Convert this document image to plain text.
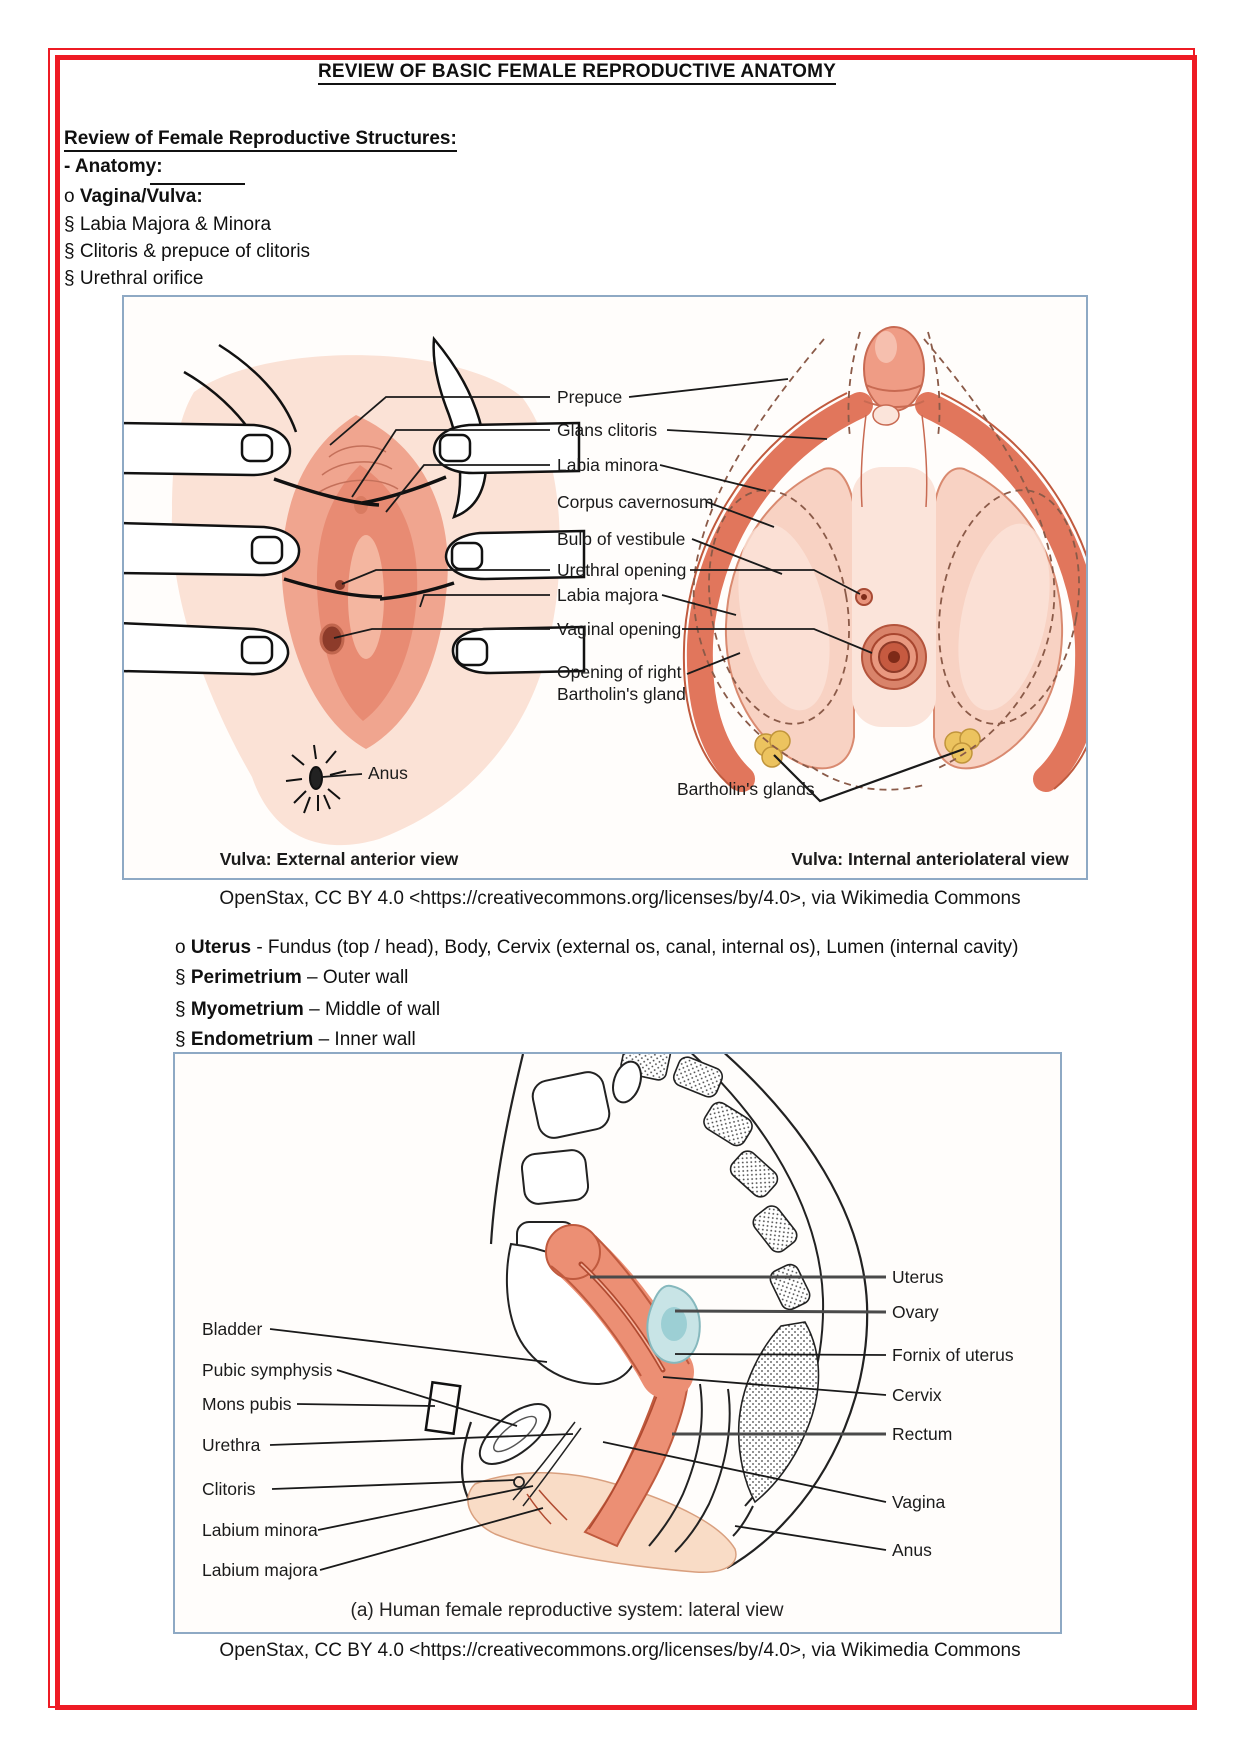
REVIEW OF BASIC FEMALE REPRODUCTIVE ANATOMY
Review of Female Reproductive Structures:
- Anatomy:
o Vagina/Vulva:
§ Labia Majora & Minora
§ Clitoris & prepuce of clitoris
§ Urethral orifice
Prepuce
Glans clitoris
Labia minora
Corpus cavernosum
Bulb of vestibule
Urethral opening
Labia majora
Vaginal opening
Opening of right
Bartholin's gland
Anus
Bartholin's glands
Vulva: External anterior view	Vulva: Internal anteriolateral view
OpenStax, CC BY 4.0 <https://creativecommons.org/licenses/by/4.0>, via Wikimedia Commons
o Uterus - Fundus (top / head), Body, Cervix (external os, canal, internal os), Lumen (internal cavity)
§ Perimetrium – Outer wall
§ Myometrium – Middle of wall
§ Endometrium – Inner wall
Bladder
Pubic symphysis
Mons pubis
Urethra
Clitoris
Labium minora
Labium majora
Uterus
Ovary
Fornix of uterus
Cervix
Rectum
Vagina
Anus
(a) Human female reproductive system: lateral view
OpenStax, CC BY 4.0 <https://creativecommons.org/licenses/by/4.0>, via Wikimedia Commons
